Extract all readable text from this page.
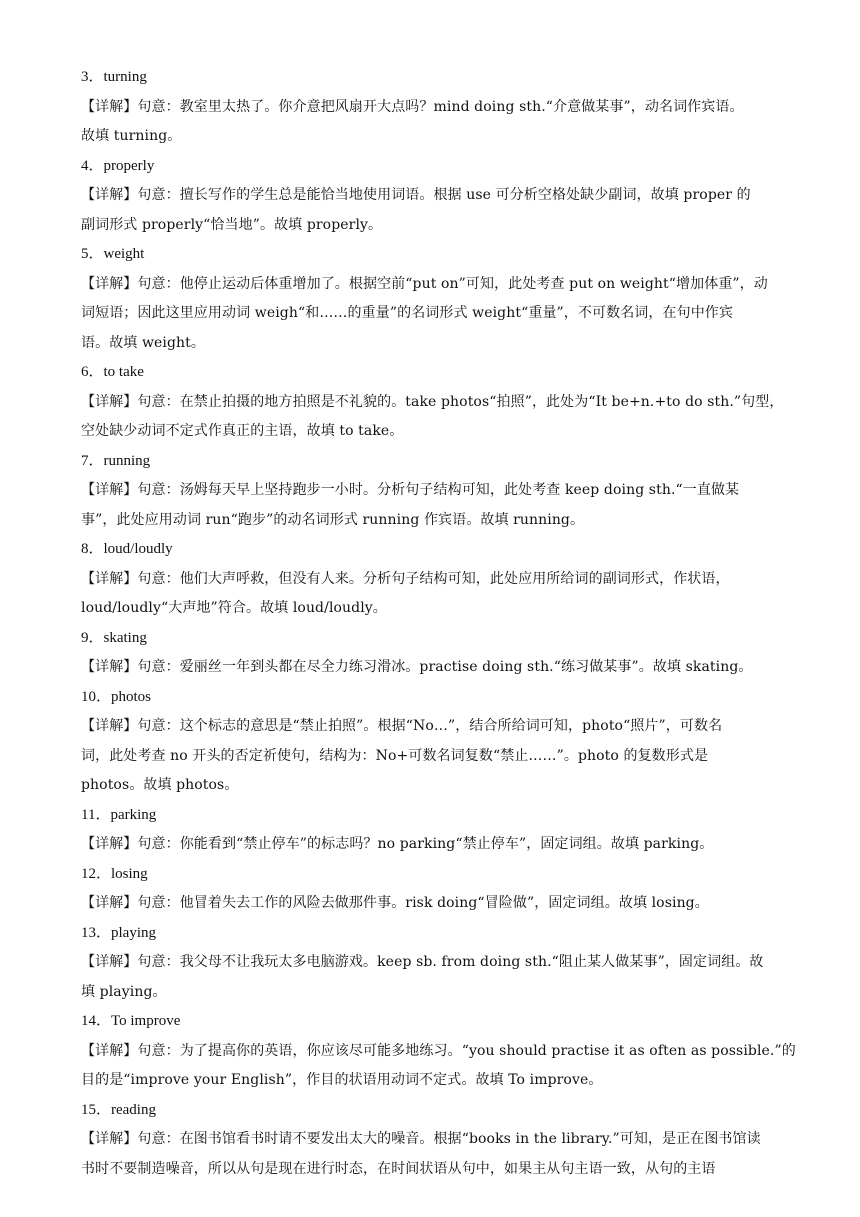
3．turning
【详解】句意：教室里太热了。你介意把风扇开大点吗？mind doing sth.“介意做某事”，动名词作宾语。
故填 turning。
4．properly
【详解】句意：擅长写作的学生总是能恰当地使用词语。根据 use 可分析空格处缺少副词，故填 proper 的
副词形式 properly“恰当地”。故填 properly。
5．weight
【详解】句意：他停止运动后体重增加了。根据空前“put on”可知，此处考查 put on weight“增加体重”，动
词短语；因此这里应用动词 weigh“和……的重量”的名词形式 weight“重量”，不可数名词，在句中作宾
语。故填 weight。
6．to take
【详解】句意：在禁止拍摄的地方拍照是不礼貌的。take photos“拍照”，此处为“It be+n.+to do sth.”句型，
空处缺少动词不定式作真正的主语，故填 to take。
7．running
【详解】句意：汤姆每天早上坚持跑步一小时。分析句子结构可知，此处考查 keep doing sth.“一直做某
事”，此处应用动词 run“跑步”的动名词形式 running 作宾语。故填 running。
8．loud/loudly
【详解】句意：他们大声呼救，但没有人来。分析句子结构可知，此处应用所给词的副词形式，作状语，
loud/loudly“大声地”符合。故填 loud/loudly。
9．skating
【详解】句意：爱丽丝一年到头都在尽全力练习滑冰。practise doing sth.“练习做某事”。故填 skating。
10．photos
【详解】句意：这个标志的意思是“禁止拍照”。根据“No…”，结合所给词可知，photo“照片”，可数名
词，此处考查 no 开头的否定祈使句，结构为：No+可数名词复数“禁止……”。photo 的复数形式是
photos。故填 photos。
11．parking
【详解】句意：你能看到“禁止停车”的标志吗？no parking“禁止停车”，固定词组。故填 parking。
12．losing
【详解】句意：他冒着失去工作的风险去做那件事。risk doing“冒险做”，固定词组。故填 losing。
13．playing
【详解】句意：我父母不让我玩太多电脑游戏。keep sb. from doing sth.“阻止某人做某事”，固定词组。故
填 playing。
14．To improve
【详解】句意：为了提高你的英语，你应该尽可能多地练习。“you should practise it as often as possible.”的
目的是“improve your English”，作目的状语用动词不定式。故填 To improve。
15．reading
【详解】句意：在图书馆看书时请不要发出太大的噪音。根据“books in the library.”可知，是正在图书馆读
书时不要制造噪音，所以从句是现在进行时态，在时间状语从句中，如果主从句主语一致，从句的主语
